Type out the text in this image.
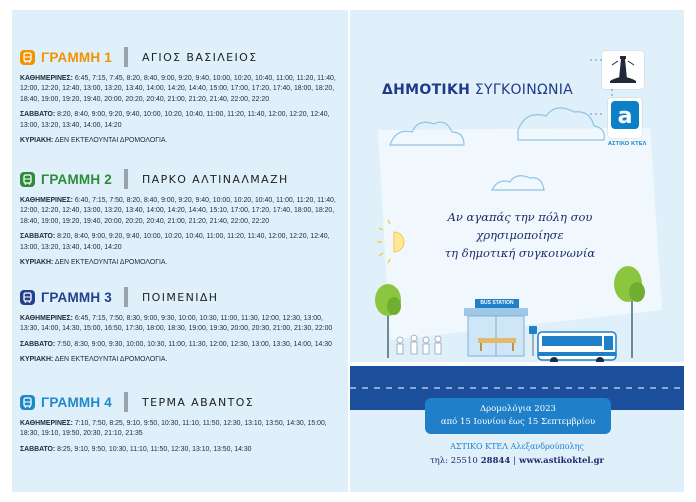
ΓΡΑΜΜΗ 1	ΑΓΙΟΣ ΒΑΣΙΛΕΙΟΣ

ΚΑΘΗΜΕΡΙΝΕΣ: 6:45, 7:15, 7:45, 8:20, 8:40, 9:00, 9:20, 9:40, 10:00, 10:20, 10:40, 11:00, 11:20, 11:40, 12:00, 12:20, 12:40, 13:00, 13:20, 13:40, 14:00, 14:20, 14:40, 15:00, 17:00, 17:20, 17:40, 18:00, 18:20, 18:40, 19:00, 19:20, 19:40, 20:00, 20:20, 20:40, 21:00, 21:20, 21:40, 22:00, 22:20

ΣΑΒΒΑΤΟ: 8:20, 8:40, 9:00, 9:20, 9:40, 10:00, 10:20, 10:40, 11:00, 11:20, 11:40, 12:00, 12:20, 12:40, 13:00, 13:20, 13:40, 14:00, 14:20

ΚΥΡΙΑΚΗ: ΔΕΝ ΕΚΤΕΛΟΥΝΤΑΙ ΔΡΟΜΟΛΟΓΙΑ.

ΓΡΑΜΜΗ 2	ΠΑΡΚΟ ΑΛΤΙΝΑΛΜΑΖΗ

ΚΑΘΗΜΕΡΙΝΕΣ: 6:40, 7:15, 7:50, 8:20, 8:40, 9:00, 9:20, 9:40, 10:00, 10:20, 10:40, 11:00, 11:20, 11:40, 12:00, 12:20, 12:40, 13:00, 13:20, 13:40, 14:00, 14:20, 14:40, 15:10, 17:00, 17:20, 17:40, 18:00, 18:20, 18:40, 19:00, 19:20, 19:40, 20:00, 20:20, 20:40, 21:00, 21:20, 21:40, 22:00, 22:20

ΣΑΒΒΑΤΟ: 8:20, 8:40, 9:00, 9:20, 9:40, 10:00, 10:20, 10:40, 11:00, 11:20, 11:40, 12:00, 12:20, 12:40, 13:00, 13:20, 13:40, 14:00, 14:20

ΚΥΡΙΑΚΗ: ΔΕΝ ΕΚΤΕΛΟΥΝΤΑΙ ΔΡΟΜΟΛΟΓΙΑ.

ΓΡΑΜΜΗ 3	ΠΟΙΜΕΝΙΔΗ

ΚΑΘΗΜΕΡΙΝΕΣ: 6:45, 7:15, 7:50, 8:30, 9:00, 9:30, 10:00, 10:30, 11:00, 11:30, 12:00, 12:30, 13:00, 13:30, 14:00, 14:30, 15:00, 16:50, 17:30, 18:00, 18:30, 19:00, 19:30, 20:00, 20:30, 21:00, 21:30, 22:00

ΣΑΒΒΑΤΟ: 7:50, 8:30, 9:00, 9:30, 10:00, 10:30, 11:00, 11:30, 12:00, 12:30, 13:00, 13:30, 14:00, 14:30

ΚΥΡΙΑΚΗ: ΔΕΝ ΕΚΤΕΛΟΥΝΤΑΙ ΔΡΟΜΟΛΟΓΙΑ.

ΓΡΑΜΜΗ 4	ΤΕΡΜΑ ΑΒΑΝΤΟΣ

ΚΑΘΗΜΕΡΙΝΕΣ: 7:10, 7:50, 8:25, 9:10, 9:50, 10:30, 11:10, 11:50, 12:30, 13:10, 13:50, 14:30, 15:00, 18:30, 19:10, 19:50, 20:30, 21:10, 21:35

ΣΑΒΒΑΤΟ: 8:25, 9:10, 9:50, 10:30, 11:10, 11:50, 12:30, 13:10, 13:50, 14:30

ΔΗΜΟΤΙΚΗ ΣΥΓΚΟΙΝΩΝΙΑ
Αν αγαπάς την πόλη σου
χρησιμοποίησε
τη δημοτική συγκοινωνία
a
ΑΣΤΙΚΟ ΚΤΕΛ
BUS STATION
Δρομολόγια 2023
από 15 Ιουνίου έως 15 Σεπτεμβρίου
ΑΣΤΙΚΟ ΚΤΕΛ Αλεξανδρούπολης
τηλ: 25510 28844 | www.astikoktel.gr
